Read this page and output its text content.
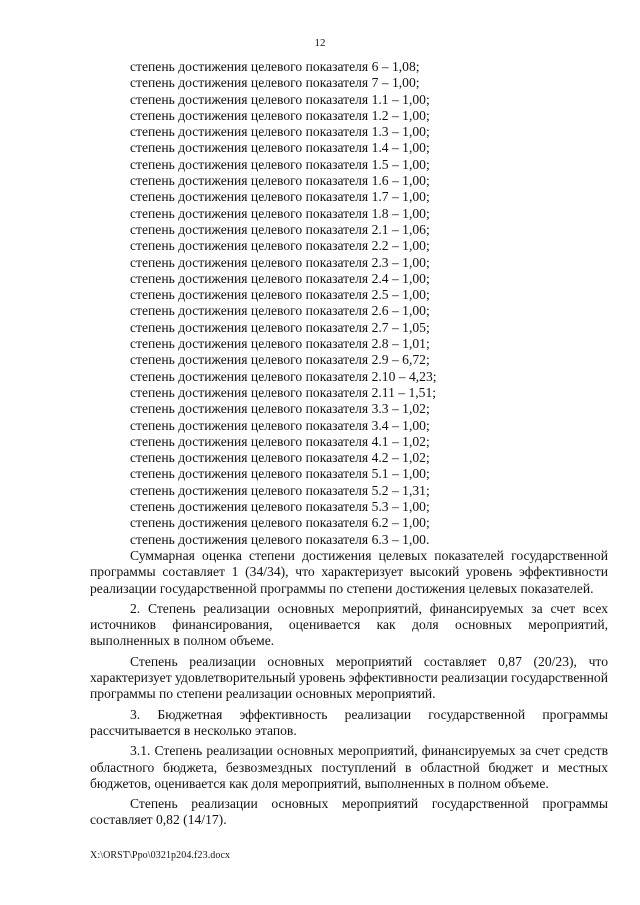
12
степень достижения целевого показателя 6 – 1,08;
степень достижения целевого показателя 7 – 1,00;
степень достижения целевого показателя 1.1 – 1,00;
степень достижения целевого показателя 1.2 – 1,00;
степень достижения целевого показателя 1.3 – 1,00;
степень достижения целевого показателя 1.4 – 1,00;
степень достижения целевого показателя 1.5 – 1,00;
степень достижения целевого показателя 1.6 – 1,00;
степень достижения целевого показателя 1.7 – 1,00;
степень достижения целевого показателя 1.8 – 1,00;
степень достижения целевого показателя 2.1 – 1,06;
степень достижения целевого показателя 2.2 – 1,00;
степень достижения целевого показателя 2.3 – 1,00;
степень достижения целевого показателя 2.4 – 1,00;
степень достижения целевого показателя 2.5 – 1,00;
степень достижения целевого показателя 2.6 – 1,00;
степень достижения целевого показателя 2.7 – 1,05;
степень достижения целевого показателя 2.8 – 1,01;
степень достижения целевого показателя 2.9 – 6,72;
степень достижения целевого показателя 2.10 – 4,23;
степень достижения целевого показателя 2.11 – 1,51;
степень достижения целевого показателя 3.3 – 1,02;
степень достижения целевого показателя 3.4 – 1,00;
степень достижения целевого показателя 4.1 – 1,02;
степень достижения целевого показателя 4.2 – 1,02;
степень достижения целевого показателя 5.1 – 1,00;
степень достижения целевого показателя 5.2 – 1,31;
степень достижения целевого показателя 5.3 – 1,00;
степень достижения целевого показателя 6.2 – 1,00;
степень достижения целевого показателя 6.3 – 1,00.

Суммарная оценка степени достижения целевых показателей государственной программы составляет 1 (34/34), что характеризует высокий уровень эффективности реализации государственной программы по степени достижения целевых показателей.

2. Степень реализации основных мероприятий, финансируемых за счет всех источников финансирования, оценивается как доля основных мероприятий, выполненных в полном объеме.

Степень реализации основных мероприятий составляет 0,87 (20/23), что характеризует удовлетворительный уровень эффективности реализации государственной программы по степени реализации основных мероприятий.

3. Бюджетная эффективность реализации государственной программы рассчитывается в несколько этапов.

3.1. Степень реализации основных мероприятий, финансируемых за счет средств областного бюджета, безвозмездных поступлений в областной бюджет и местных бюджетов, оценивается как доля мероприятий, выполненных в полном объеме.

Степень реализации основных мероприятий государственной программы составляет 0,82 (14/17).

X:\ORST\Ppo\0321p204.f23.docx
